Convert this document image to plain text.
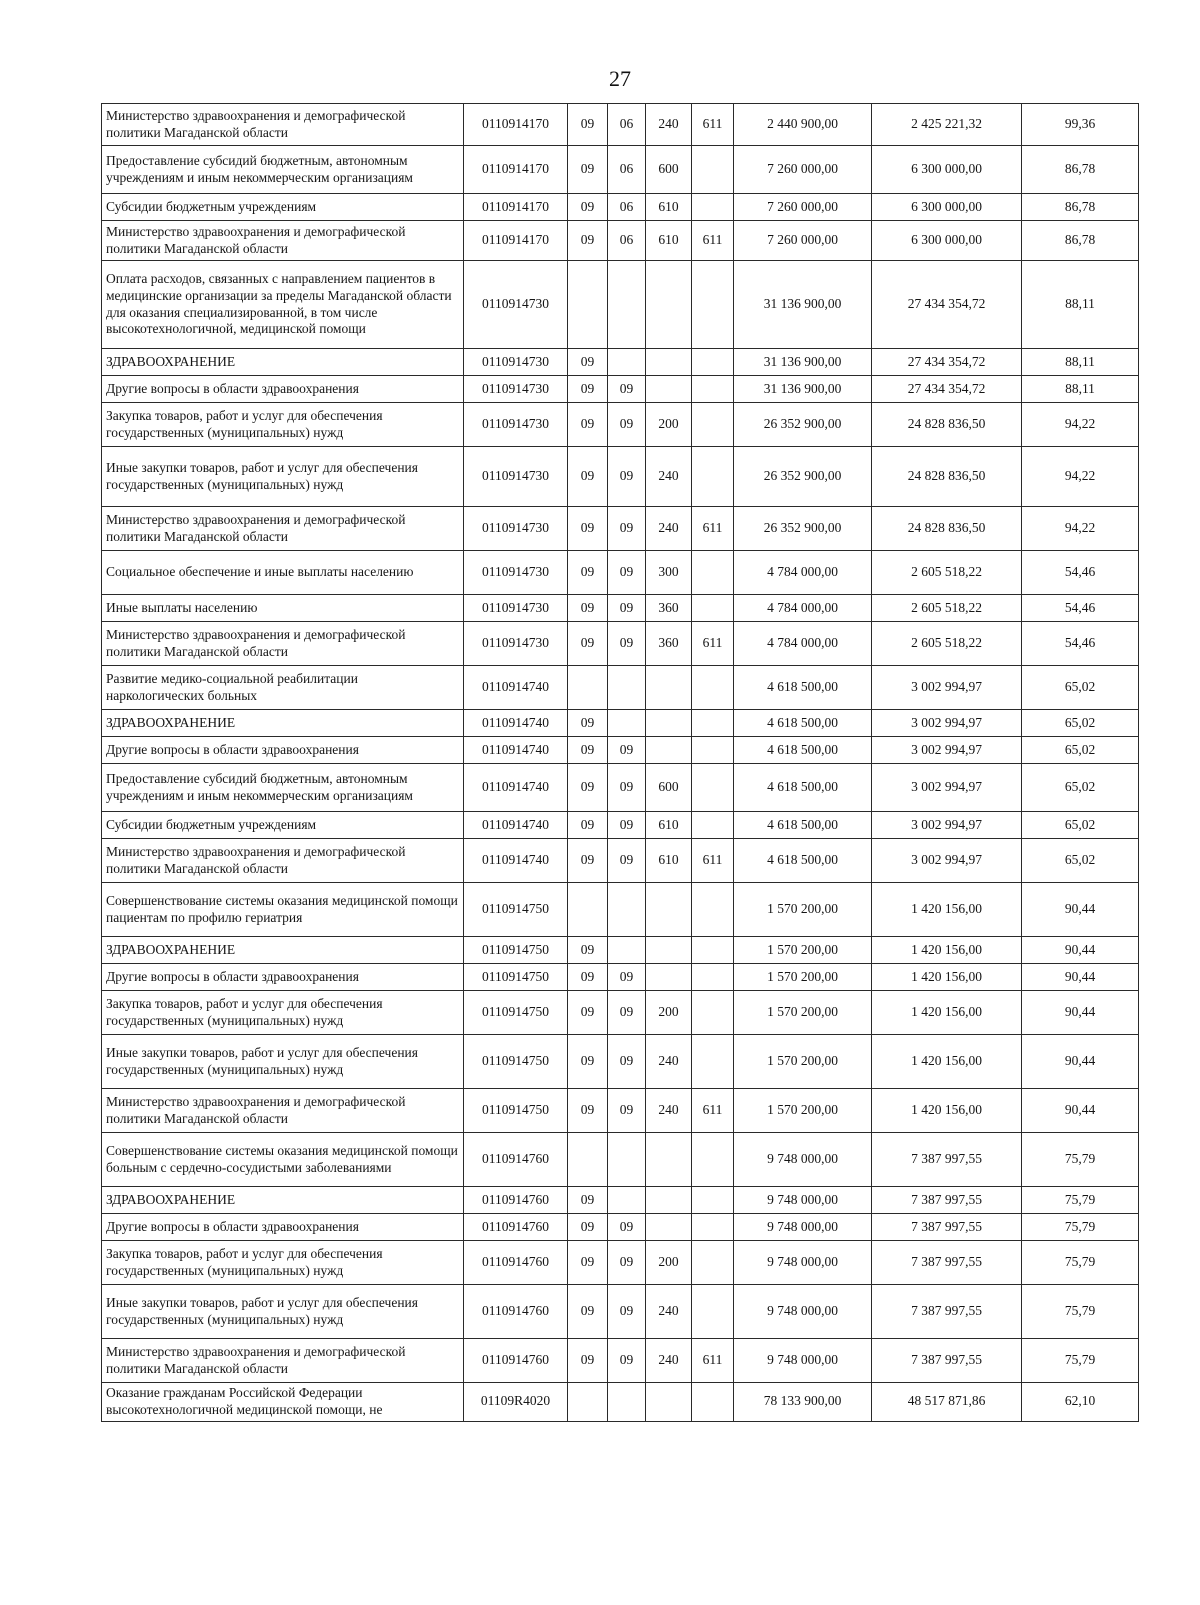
27
Министерство здравоохранения и демографической политики Магаданской области	0110914170	09	06	240	611	2 440 900,00	2 425 221,32	99,36
Предоставление субсидий бюджетным, автономным учреждениям и иным некоммерческим организациям	0110914170	09	06	600		7 260 000,00	6 300 000,00	86,78
Субсидии бюджетным учреждениям	0110914170	09	06	610		7 260 000,00	6 300 000,00	86,78
Министерство здравоохранения и демографической политики Магаданской области	0110914170	09	06	610	611	7 260 000,00	6 300 000,00	86,78
Оплата расходов, связанных с направлением пациентов в медицинские организации за пределы Магаданской области для оказания специализированной, в том числе высокотехнологичной, медицинской помощи	0110914730					31 136 900,00	27 434 354,72	88,11
ЗДРАВООХРАНЕНИЕ	0110914730	09				31 136 900,00	27 434 354,72	88,11
Другие вопросы в области здравоохранения	0110914730	09	09			31 136 900,00	27 434 354,72	88,11
Закупка товаров, работ и услуг для обеспечения государственных (муниципальных) нужд	0110914730	09	09	200		26 352 900,00	24 828 836,50	94,22
Иные закупки товаров, работ и услуг для обеспечения государственных (муниципальных) нужд	0110914730	09	09	240		26 352 900,00	24 828 836,50	94,22
Министерство здравоохранения и демографической политики Магаданской области	0110914730	09	09	240	611	26 352 900,00	24 828 836,50	94,22
Социальное обеспечение и иные выплаты населению	0110914730	09	09	300		4 784 000,00	2 605 518,22	54,46
Иные выплаты населению	0110914730	09	09	360		4 784 000,00	2 605 518,22	54,46
Министерство здравоохранения и демографической политики Магаданской области	0110914730	09	09	360	611	4 784 000,00	2 605 518,22	54,46
Развитие медико-социальной реабилитации наркологических больных	0110914740					4 618 500,00	3 002 994,97	65,02
ЗДРАВООХРАНЕНИЕ	0110914740	09				4 618 500,00	3 002 994,97	65,02
Другие вопросы в области здравоохранения	0110914740	09	09			4 618 500,00	3 002 994,97	65,02
Предоставление субсидий бюджетным, автономным учреждениям и иным некоммерческим организациям	0110914740	09	09	600		4 618 500,00	3 002 994,97	65,02
Субсидии бюджетным учреждениям	0110914740	09	09	610		4 618 500,00	3 002 994,97	65,02
Министерство здравоохранения и демографической политики Магаданской области	0110914740	09	09	610	611	4 618 500,00	3 002 994,97	65,02
Совершенствование системы оказания медицинской помощи пациентам по профилю гериатрия	0110914750					1 570 200,00	1 420 156,00	90,44
ЗДРАВООХРАНЕНИЕ	0110914750	09				1 570 200,00	1 420 156,00	90,44
Другие вопросы в области здравоохранения	0110914750	09	09			1 570 200,00	1 420 156,00	90,44
Закупка товаров, работ и услуг для обеспечения государственных (муниципальных) нужд	0110914750	09	09	200		1 570 200,00	1 420 156,00	90,44
Иные закупки товаров, работ и услуг для обеспечения государственных (муниципальных) нужд	0110914750	09	09	240		1 570 200,00	1 420 156,00	90,44
Министерство здравоохранения и демографической политики Магаданской области	0110914750	09	09	240	611	1 570 200,00	1 420 156,00	90,44
Совершенствование системы оказания медицинской помощи больным с сердечно-сосудистыми заболеваниями	0110914760					9 748 000,00	7 387 997,55	75,79
ЗДРАВООХРАНЕНИЕ	0110914760	09				9 748 000,00	7 387 997,55	75,79
Другие вопросы в области здравоохранения	0110914760	09	09			9 748 000,00	7 387 997,55	75,79
Закупка товаров, работ и услуг для обеспечения государственных (муниципальных) нужд	0110914760	09	09	200		9 748 000,00	7 387 997,55	75,79
Иные закупки товаров, работ и услуг для обеспечения государственных (муниципальных) нужд	0110914760	09	09	240		9 748 000,00	7 387 997,55	75,79
Министерство здравоохранения и демографической политики Магаданской области	0110914760	09	09	240	611	9 748 000,00	7 387 997,55	75,79
Оказание гражданам Российской Федерации высокотехнологичной медицинской помощи, не	01109R4020					78 133 900,00	48 517 871,86	62,10
